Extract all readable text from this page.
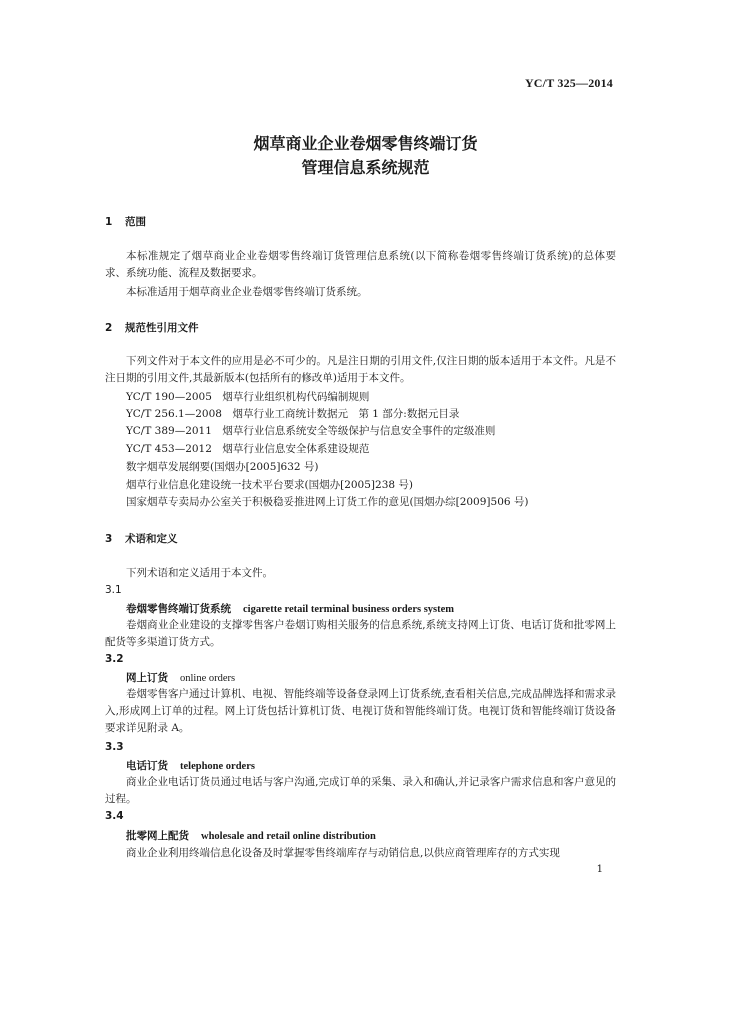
YC/T 325—2014
烟草商业企业卷烟零售终端订货
管理信息系统规范
1 范围
本标准规定了烟草商业企业卷烟零售终端订货管理信息系统(以下简称卷烟零售终端订货系统)的总体要求、系统功能、流程及数据要求。
本标准适用于烟草商业企业卷烟零售终端订货系统。
2 规范性引用文件
下列文件对于本文件的应用是必不可少的。凡是注日期的引用文件,仅注日期的版本适用于本文件。凡是不注日期的引用文件,其最新版本(包括所有的修改单)适用于本文件。
YC/T 190—2005　烟草行业组织机构代码编制规则
YC/T 256.1—2008　烟草行业工商统计数据元　第 1 部分:数据元目录
YC/T 389—2011　烟草行业信息系统安全等级保护与信息安全事件的定级准则
YC/T 453—2012　烟草行业信息安全体系建设规范
数字烟草发展纲要(国烟办[2005]632 号)
烟草行业信息化建设统一技术平台要求(国烟办[2005]238 号)
国家烟草专卖局办公室关于积极稳妥推进网上订货工作的意见(国烟办综[2009]506 号)
3 术语和定义
下列术语和定义适用于本文件。
3.1
卷烟零售终端订货系统 cigarette retail terminal business orders system
卷烟商业企业建设的支撑零售客户卷烟订购相关服务的信息系统,系统支持网上订货、电话订货和批零网上配货等多渠道订货方式。
3.2
网上订货 online orders
卷烟零售客户通过计算机、电视、智能终端等设备登录网上订货系统,查看相关信息,完成品牌选择和需求录入,形成网上订单的过程。网上订货包括计算机订货、电视订货和智能终端订货。电视订货和智能终端订货设备要求详见附录 A。
3.3
电话订货 telephone orders
商业企业电话订货员通过电话与客户沟通,完成订单的采集、录入和确认,并记录客户需求信息和客户意见的过程。
3.4
批零网上配货 wholesale and retail online distribution
商业企业利用终端信息化设备及时掌握零售终端库存与动销信息,以供应商管理库存的方式实现
1
